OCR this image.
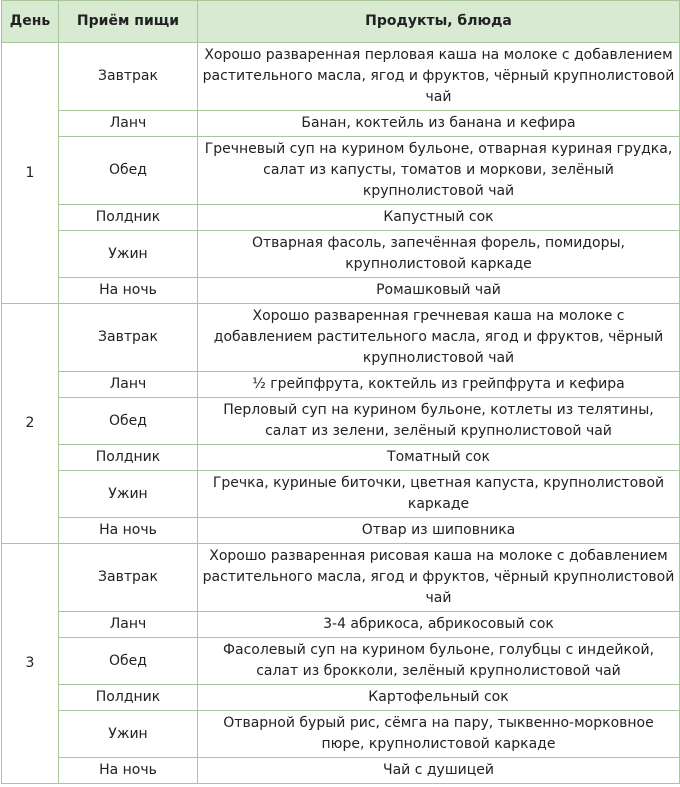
День	Приём пищи	Продукты, блюда
1	Завтрак	Хорошо разваренная перловая каша на молоке с добавлением растительного масла, ягод и фруктов, чёрный крупнолистовой чай
	Ланч	Банан, коктейль из банана и кефира
	Обед	Гречневый суп на курином бульоне, отварная куриная грудка, салат из капусты, томатов и моркови, зелёный крупнолистовой чай
	Полдник	Капустный сок
	Ужин	Отварная фасоль, запечённая форель, помидоры, крупнолистовой каркаде
	На ночь	Ромашковый чай
2	Завтрак	Хорошо разваренная гречневая каша на молоке с добавлением растительного масла, ягод и фруктов, чёрный крупнолистовой чай
	Ланч	½ грейпфрута, коктейль из грейпфрута и кефира
	Обед	Перловый суп на курином бульоне, котлеты из телятины, салат из зелени, зелёный крупнолистовой чай
	Полдник	Томатный сок
	Ужин	Гречка, куриные биточки, цветная капуста, крупнолистовой каркаде
	На ночь	Отвар из шиповника
3	Завтрак	Хорошо разваренная рисовая каша на молоке с добавлением растительного масла, ягод и фруктов, чёрный крупнолистовой чай
	Ланч	3-4 абрикоса, абрикосовый сок
	Обед	Фасолевый суп на курином бульоне, голубцы с индейкой, салат из брокколи, зелёный крупнолистовой чай
	Полдник	Картофельный сок
	Ужин	Отварной бурый рис, сёмга на пару, тыквенно-морковное пюре, крупнолистовой каркаде
	На ночь	Чай с душицей
